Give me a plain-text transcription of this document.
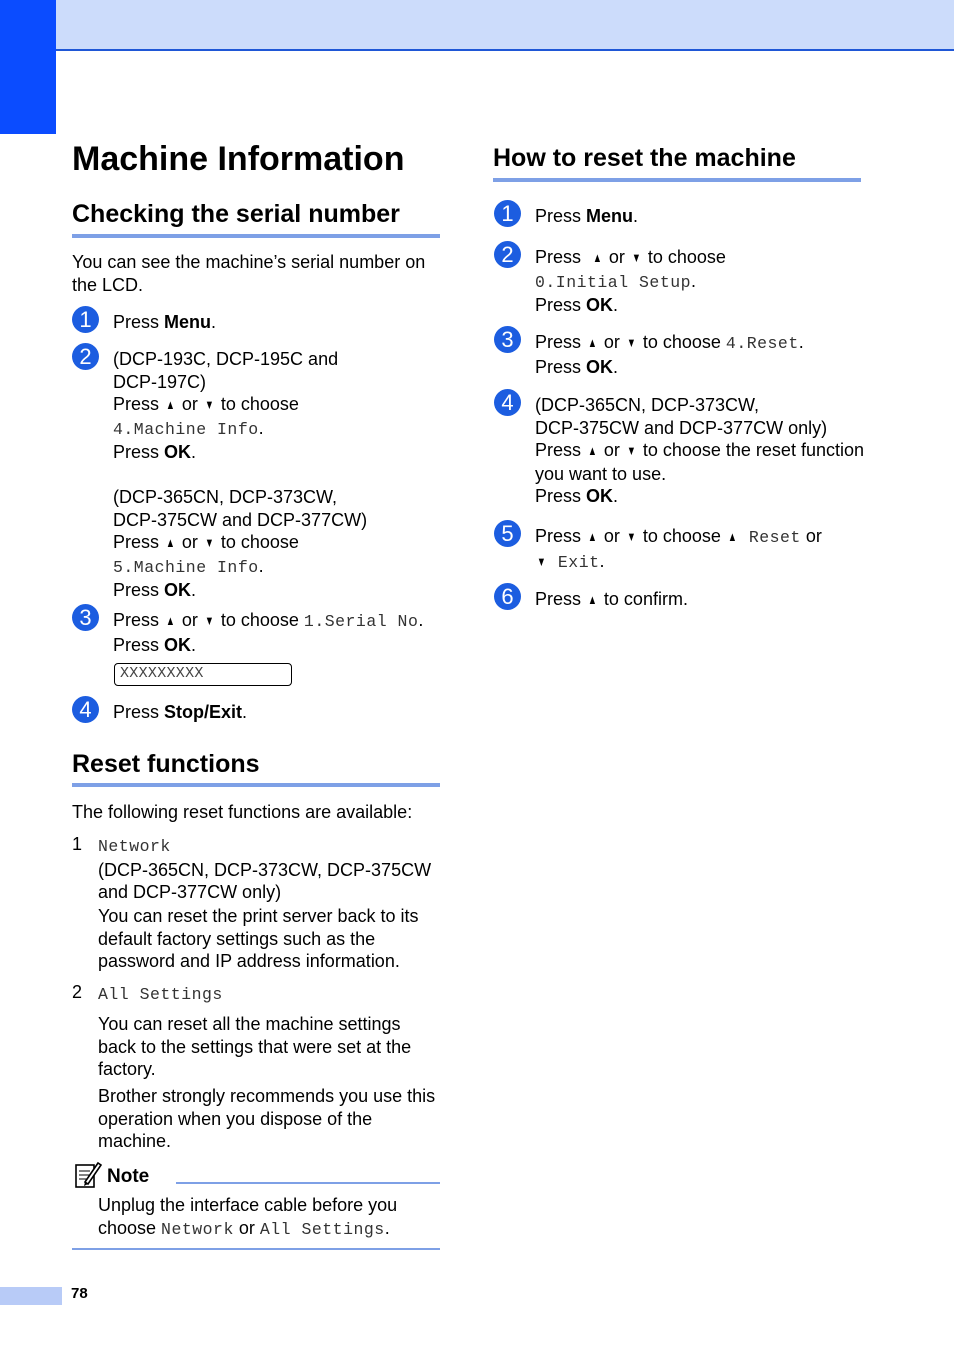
Machine Information
Checking the serial number
You can see the machine’s serial number on
the LCD.
1	Press Menu.
2	(DCP-193C, DCP-195C and
DCP-197C)
Press ▲ or ▼ to choose
4.Machine Info.
Press OK.

(DCP-365CN, DCP-373CW,
DCP-375CW and DCP-377CW)
Press ▲ or ▼ to choose
5.Machine Info.
Press OK.
3	Press ▲ or ▼ to choose 1.Serial No.
Press OK.
XXXXXXXXX
4	Press Stop/Exit.
Reset functions
The following reset functions are available:
1 Network
(DCP-365CN, DCP-373CW, DCP-375CW
and DCP-377CW only)
You can reset the print server back to its
default factory settings such as the
password and IP address information.
2 All Settings
You can reset all the machine settings
back to the settings that were set at the
factory.
Brother strongly recommends you use this
operation when you dispose of the
machine.
Note
Unplug the interface cable before you
choose Network or All Settings.
How to reset the machine
1	Press Menu.
2	Press ▲ or ▼ to choose
0.Initial Setup.
Press OK.
3	Press ▲ or ▼ to choose 4.Reset.
Press OK.
4	(DCP-365CN, DCP-373CW,
DCP-375CW and DCP-377CW only)
Press ▲ or ▼ to choose the reset function
you want to use.
Press OK.
5	Press ▲ or ▼ to choose ▲ Reset or
▼ Exit.
6	Press ▲ to confirm.
78
